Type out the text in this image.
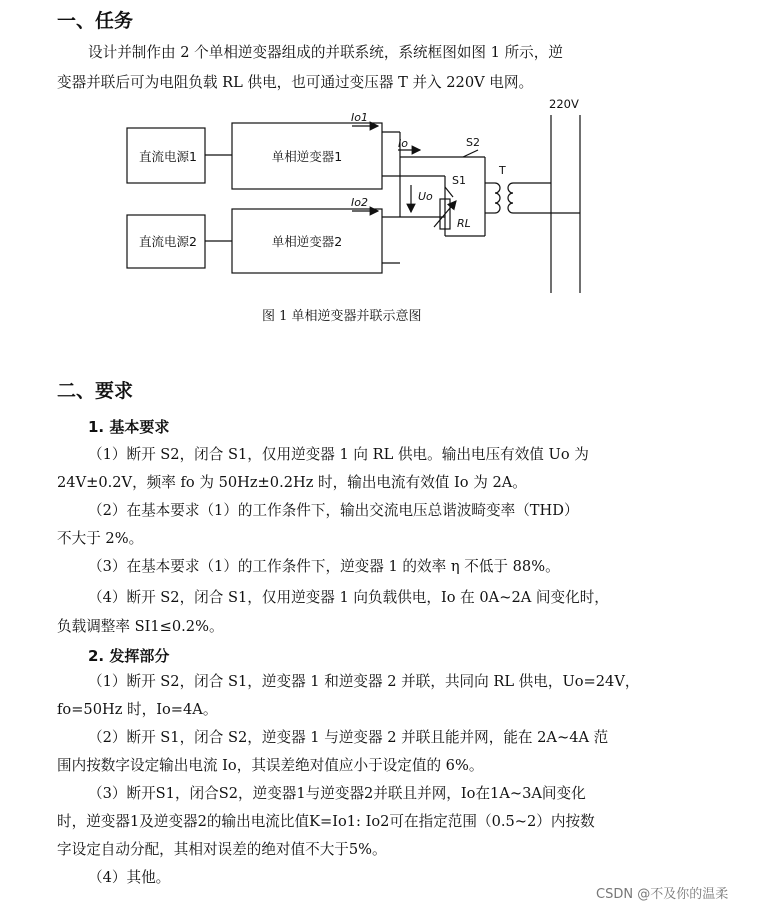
一、任务
设计并制作由 2 个单相逆变器组成的并联系统，系统框图如图 1 所示，逆
变器并联后可为电阻负载 RL 供电，也可通过变压器 T 并入 220V 电网。
直流电源1	单相逆变器1
直流电源2	单相逆变器2
Io1
Io
Io2	Uo
S2
S1
T
RL
220V
图 1 单相逆变器并联示意图
二、要求
1. 基本要求
（1）断开 S2，闭合 S1，仅用逆变器 1 向 RL 供电。输出电压有效值 Uo 为
24V±0.2V，频率 fo 为 50Hz±0.2Hz 时，输出电流有效值 Io 为 2A。
（2）在基本要求（1）的工作条件下，输出交流电压总谐波畸变率（THD）
不大于 2%。
（3）在基本要求（1）的工作条件下，逆变器 1 的效率 η 不低于 88%。
（4）断开 S2，闭合 S1，仅用逆变器 1 向负载供电，Io 在 0A~2A 间变化时，
负载调整率 SI1≤0.2%。
2. 发挥部分
（1）断开 S2，闭合 S1，逆变器 1 和逆变器 2 并联，共同向 RL 供电，Uo=24V，
fo=50Hz 时，Io=4A。
（2）断开 S1，闭合 S2，逆变器 1 与逆变器 2 并联且能并网，能在 2A~4A 范
围内按数字设定输出电流 Io，其误差绝对值应小于设定值的 6%。
（3）断开S1，闭合S2，逆变器1与逆变器2并联且并网，Io在1A~3A间变化
时，逆变器1及逆变器2的输出电流比值K=Io1: Io2可在指定范围（0.5~2）内按数
字设定自动分配，其相对误差的绝对值不大于5%。
（4）其他。
CSDN @不及你的温柔
